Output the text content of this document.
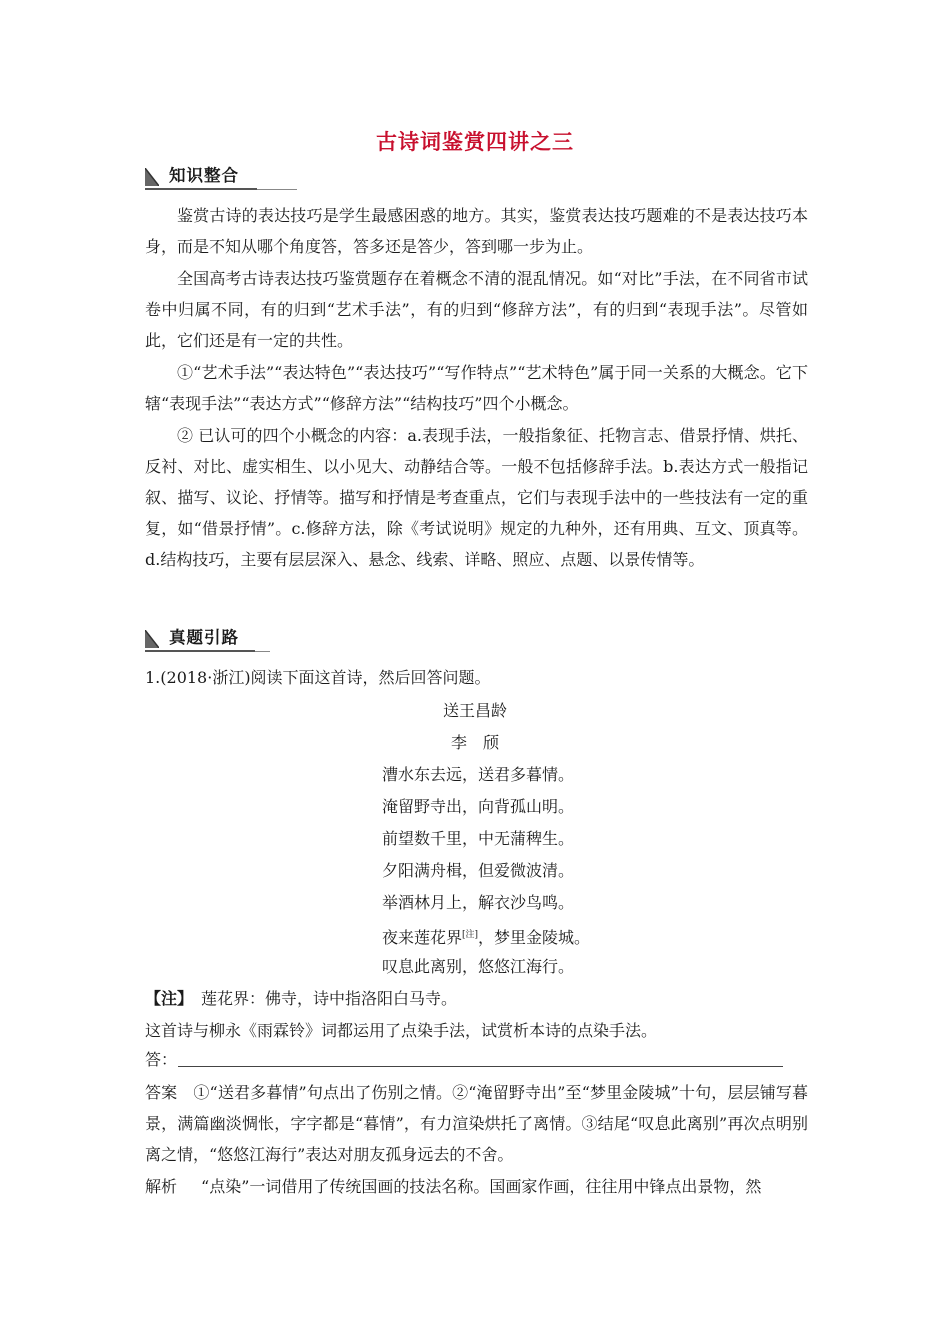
古诗词鉴赏四讲之三
知识整合

鉴赏古诗的表达技巧是学生最感困惑的地方。其实，鉴赏表达技巧题难的不是表达技巧本身，而是不知从哪个角度答，答多还是答少，答到哪一步为止。

全国高考古诗表达技巧鉴赏题存在着概念不清的混乱情况。如“对比”手法，在不同省市试卷中归属不同，有的归到“艺术手法”，有的归到“修辞方法”，有的归到“表现手法”。尽管如此，它们还是有一定的共性。

①“艺术手法”“表达特色”“表达技巧”“写作特点”“艺术特色”属于同一关系的大概念。它下辖“表现手法”“表达方式”“修辞方法”“结构技巧”四个小概念。

② 已认可的四个小概念的内容：a.表现手法，一般指象征、托物言志、借景抒情、烘托、反衬、对比、虚实相生、以小见大、动静结合等。一般不包括修辞手法。b.表达方式一般指记叙、描写、议论、抒情等。描写和抒情是考查重点，它们与表现手法中的一些技法有一定的重复，如“借景抒情”。c.修辞方法，除《考试说明》规定的九种外，还有用典、互文、顶真等。d.结构技巧，主要有层层深入、悬念、线索、详略、照应、点题、以景传情等。

真题引路
1.(2018·浙江)阅读下面这首诗，然后回答问题。
送王昌龄
李　颀
漕水东去远，送君多暮情。
淹留野寺出，向背孤山明。
前望数千里，中无蒲稗生。
夕阳满舟楫，但爱微波清。
举酒林月上，解衣沙鸟鸣。
夜来莲花界[注]，梦里金陵城。
叹息此离别，悠悠江海行。
【注】 莲花界：佛寺，诗中指洛阳白马寺。
这首诗与柳永《雨霖铃》词都运用了点染手法，试赏析本诗的点染手法。
答：

答案 ①“送君多暮情”句点出了伤别之情。②“淹留野寺出”至“梦里金陵城”十句，层层铺写暮景，满篇幽淡惆怅，字字都是“暮情”，有力渲染烘托了离情。③结尾“叹息此离别”再次点明别离之情，“悠悠江海行”表达对朋友孤身远去的不舍。

解析 “点染”一词借用了传统国画的技法名称。国画家作画，往往用中锋点出景物，然
